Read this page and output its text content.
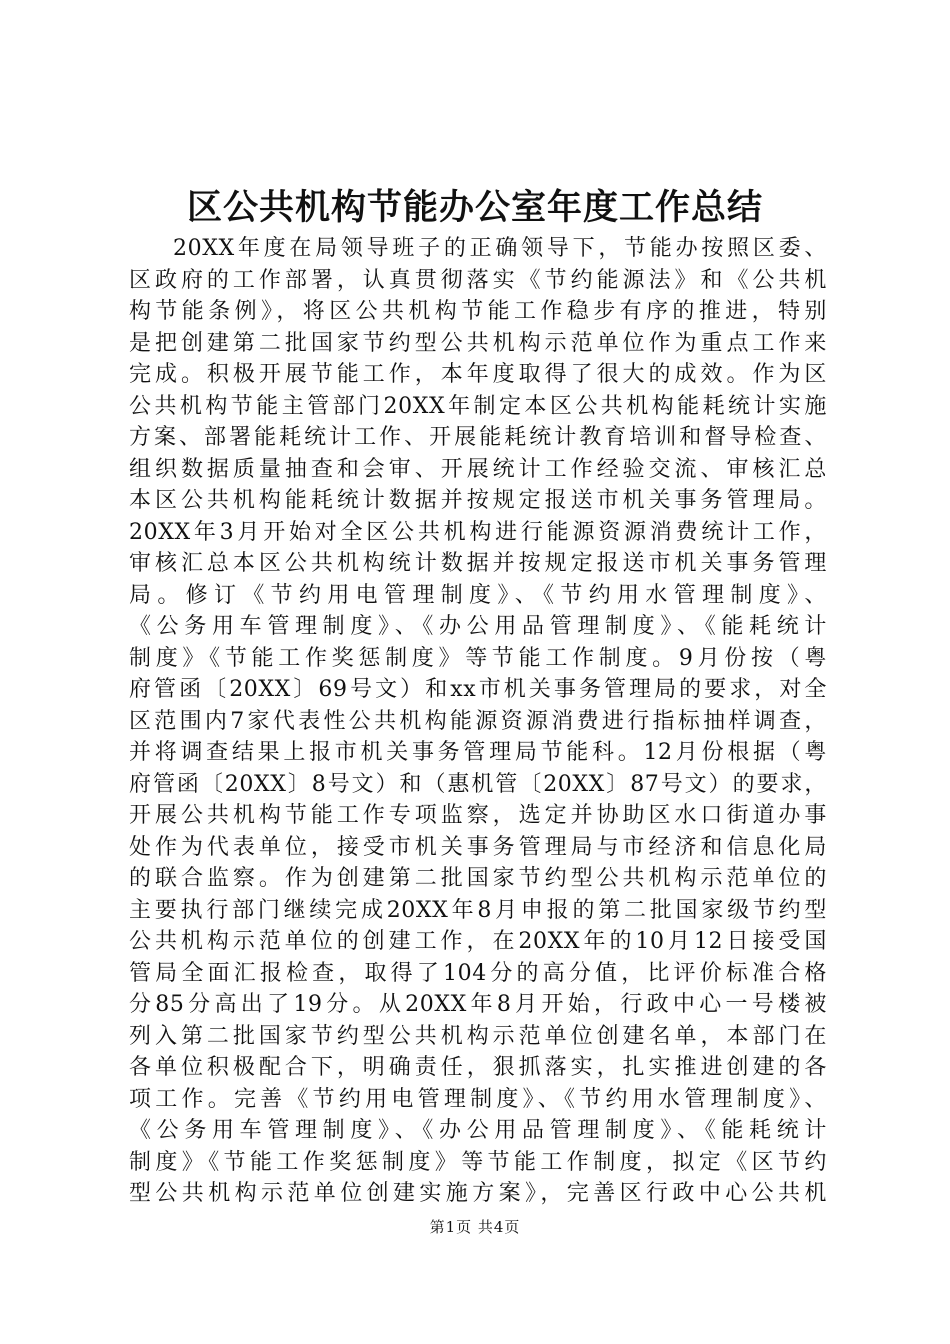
区公共机构节能办公室年度工作总结
20XX年度在局领导班子的正确领导下，节能办按照区委、
区政府的工作部署，认真贯彻落实《节约能源法》和《公共机
构节能条例》，将区公共机构节能工作稳步有序的推进，特别
是把创建第二批国家节约型公共机构示范单位作为重点工作来
完成。积极开展节能工作，本年度取得了很大的成效。作为区
公共机构节能主管部门20XX年制定本区公共机构能耗统计实施
方案、部署能耗统计工作、开展能耗统计教育培训和督导检查、
组织数据质量抽查和会审、开展统计工作经验交流、审核汇总
本区公共机构能耗统计数据并按规定报送市机关事务管理局。
20XX年3月开始对全区公共机构进行能源资源消费统计工作，
审核汇总本区公共机构统计数据并按规定报送市机关事务管理
局。修订《节约用电管理制度》、《节约用水管理制度》、
《公务用车管理制度》、《办公用品管理制度》、《能耗统计
制度》《节能工作奖惩制度》等节能工作制度。9月份按（粤
府管函〔20XX〕69号文）和xx市机关事务管理局的要求，对全
区范围内7家代表性公共机构能源资源消费进行指标抽样调查，
并将调查结果上报市机关事务管理局节能科。12月份根据（粤
府管函〔20XX〕8号文）和（惠机管〔20XX〕87号文）的要求，
开展公共机构节能工作专项监察，选定并协助区水口街道办事
处作为代表单位，接受市机关事务管理局与市经济和信息化局
的联合监察。作为创建第二批国家节约型公共机构示范单位的
主要执行部门继续完成20XX年8月申报的第二批国家级节约型
公共机构示范单位的创建工作，在20XX年的10月12日接受国
管局全面汇报检查，取得了104分的高分值，比评价标准合格
分85分高出了19分。从20XX年8月开始，行政中心一号楼被
列入第二批国家节约型公共机构示范单位创建名单，本部门在
各单位积极配合下，明确责任，狠抓落实，扎实推进创建的各
项工作。完善《节约用电管理制度》、《节约用水管理制度》、
《公务用车管理制度》、《办公用品管理制度》、《能耗统计
制度》《节能工作奖惩制度》等节能工作制度，拟定《区节约
型公共机构示范单位创建实施方案》，完善区行政中心公共机
第1页 共4页
